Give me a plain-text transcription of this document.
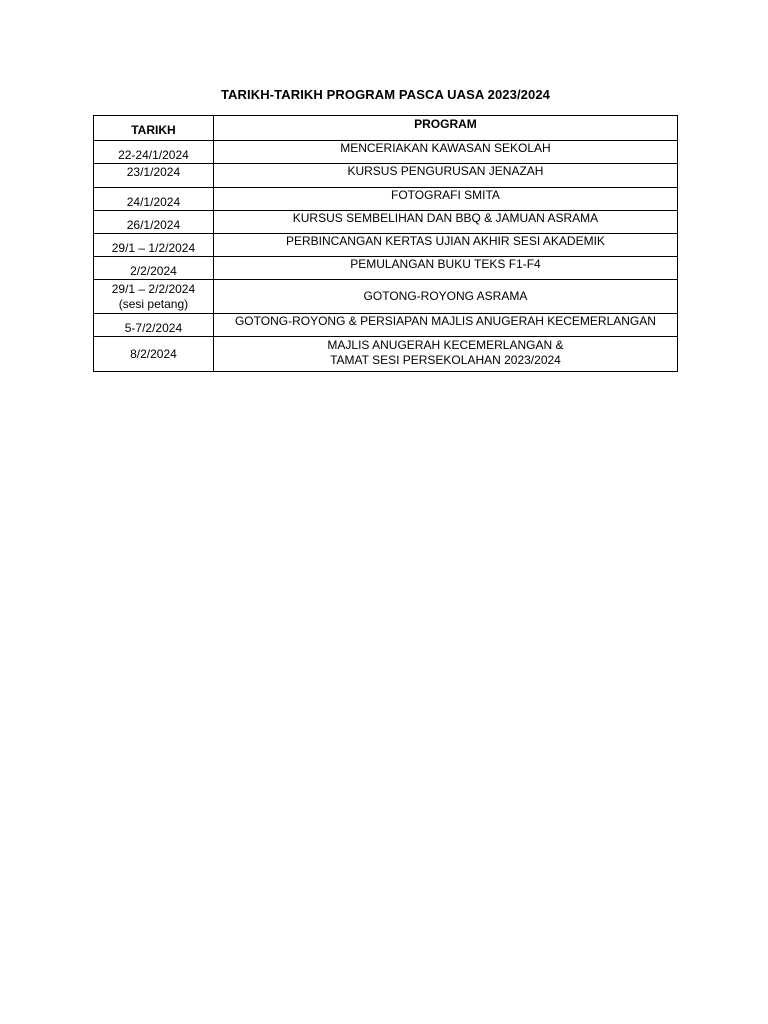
TARIKH-TARIKH PROGRAM PASCA UASA 2023/2024
TARIKH	PROGRAM

22-24/1/2024	MENCERIAKAN KAWASAN SEKOLAH

23/1/2024	KURSUS PENGURUSAN JENAZAH

24/1/2024	FOTOGRAFI SMITA

26/1/2024	KURSUS SEMBELIHAN DAN BBQ & JAMUAN ASRAMA

29/1 – 1/2/2024	PERBINCANGAN KERTAS UJIAN AKHIR SESI AKADEMIK

2/2/2024	PEMULANGAN BUKU TEKS F1-F4

29/1 – 2/2/2024
(sesi petang)	GOTONG-ROYONG ASRAMA

5-7/2/2024	GOTONG-ROYONG & PERSIAPAN MAJLIS ANUGERAH KECEMERLANGAN

8/2/2024	MAJLIS ANUGERAH KECEMERLANGAN &
TAMAT SESI PERSEKOLAHAN 2023/2024
